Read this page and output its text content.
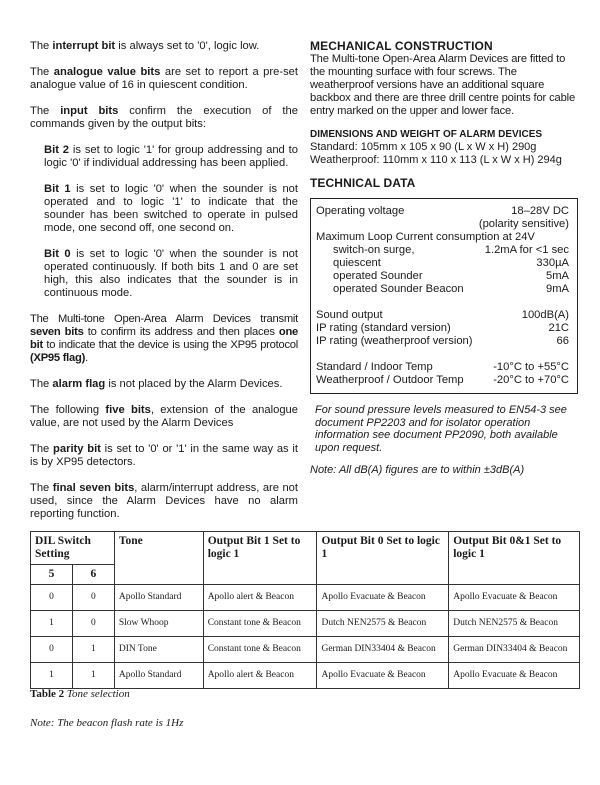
The interrupt bit is always set to '0', logic low.

The analogue value bits are set to report a pre-set analogue value of 16 in quiescent condition.

The input bits confirm the execution of the commands given by the output bits:

Bit 2 is set to logic '1' for group addressing and to logic '0' if individual addressing has been applied.

Bit 1 is set to logic '0' when the sounder is not operated and to logic '1' to indicate that the sounder has been switched to operate in pulsed mode, one second off, one second on.

Bit 0 is set to logic '0' when the sounder is not operated continuously. If both bits 1 and 0 are set high, this also indicates that the sounder is in continuous mode.

The Multi-tone Open-Area Alarm Devices transmit seven bits to confirm its address and then places one bit to indicate that the device is using the XP95 protocol (XP95 flag).

The alarm flag is not placed by the Alarm Devices.

The following five bits, extension of the analogue value, are not used by the Alarm Devices

The parity bit is set to '0' or '1' in the same way as it is by XP95 detectors.

The final seven bits, alarm/interrupt address, are not used, since the Alarm Devices have no alarm reporting function.

MECHANICAL CONSTRUCTION

The Multi-tone Open-Area Alarm Devices are fitted to the mounting surface with four screws. The weatherproof versions have an additional square backbox and there are three drill centre points for cable entry marked on the upper and lower face.

DIMENSIONS AND WEIGHT OF ALARM DEVICES

Standard: 105mm x 105 x 90 (L x W x H) 290g

Weatherproof: 110mm x 110 x 113 (L x W x H) 294g

TECHNICAL DATA
Operating voltage	18–28V DC
(polarity sensitive)
Maximum Loop Current consumption at 24V
switch-on surge,	1.2mA for <1 sec
quiescent	330µA
operated Sounder	5mA
operated Sounder Beacon	9mA
Sound output	100dB(A)
IP rating (standard version)	21C
IP rating (weatherproof version)	66
Standard / Indoor Temp	-10°C to +55°C
Weatherproof / Outdoor Temp	-20°C to +70°C

For sound pressure levels measured to EN54-3 see document PP2203 and for isolator operation information see document PP2090, both available upon request.

Note: All dB(A) figures are to within ±3dB(A)

DIL Switch Setting		Tone	Output Bit 1 Set to logic 1	Output Bit 0 Set to logic 1	Output Bit 0&1 Set to logic 1
5	6				
0	0	Apollo Standard	Apollo alert & Beacon	Apollo Evacuate & Beacon	Apollo Evacuate & Beacon
1	0	Slow Whoop	Constant tone & Beacon	Dutch NEN2575 & Beacon	Dutch NEN2575 & Beacon
0	1	DIN Tone	Constant tone & Beacon	German DIN33404 & Beacon	German DIN33404 & Beacon
1	1	Apollo Standard	Apollo alert & Beacon	Apollo Evacuate & Beacon	Apollo Evacuate & Beacon
Table 2 Tone selection
Note: The beacon flash rate is 1Hz
